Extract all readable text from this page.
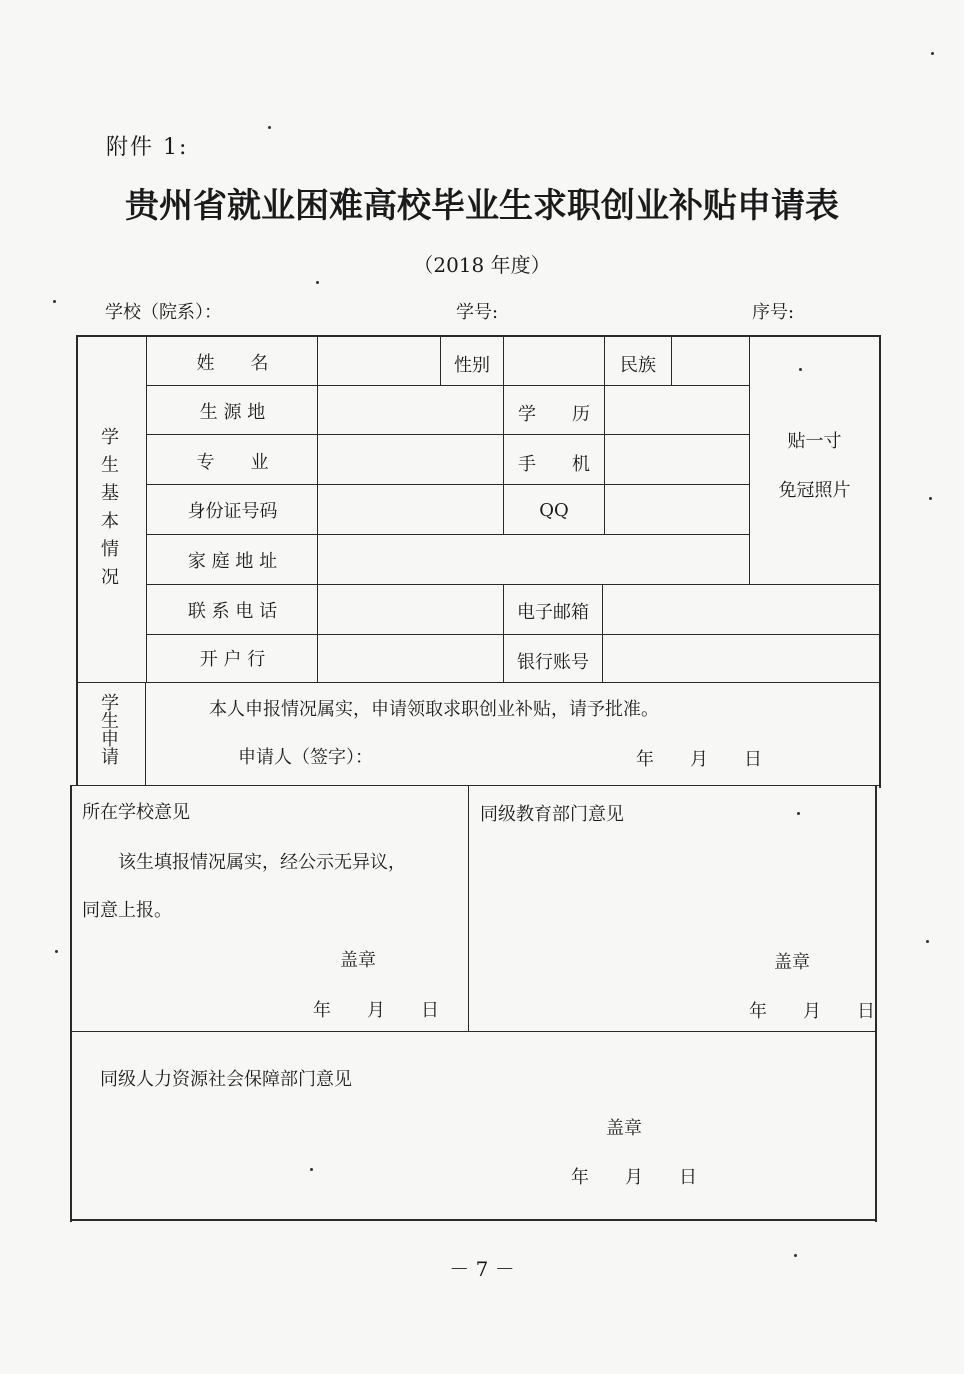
附件 1:
贵州省就业困难高校毕业生求职创业补贴申请表
（2018 年度）
学校（院系）：	学号:	序号:
学生基本情况
姓　　名	性别	民族
生 源 地	学　　历
专　　业	手　　机
身份证号码	QQ
家 庭 地 址
联 系 电 话	电子邮箱
开 户 行	银行账号
贴一寸
免冠照片
学生申请
本人申报情况属实，申请领取求职创业补贴，请予批准。
申请人（签字）：	年　　月　　日
所在学校意见
该生填报情况属实，经公示无异议，
同意上报。
盖章
年　　月　　日
同级教育部门意见
盖章
年　　月　　日
同级人力资源社会保障部门意见
盖章
年　　月　　日
－ 7 －
